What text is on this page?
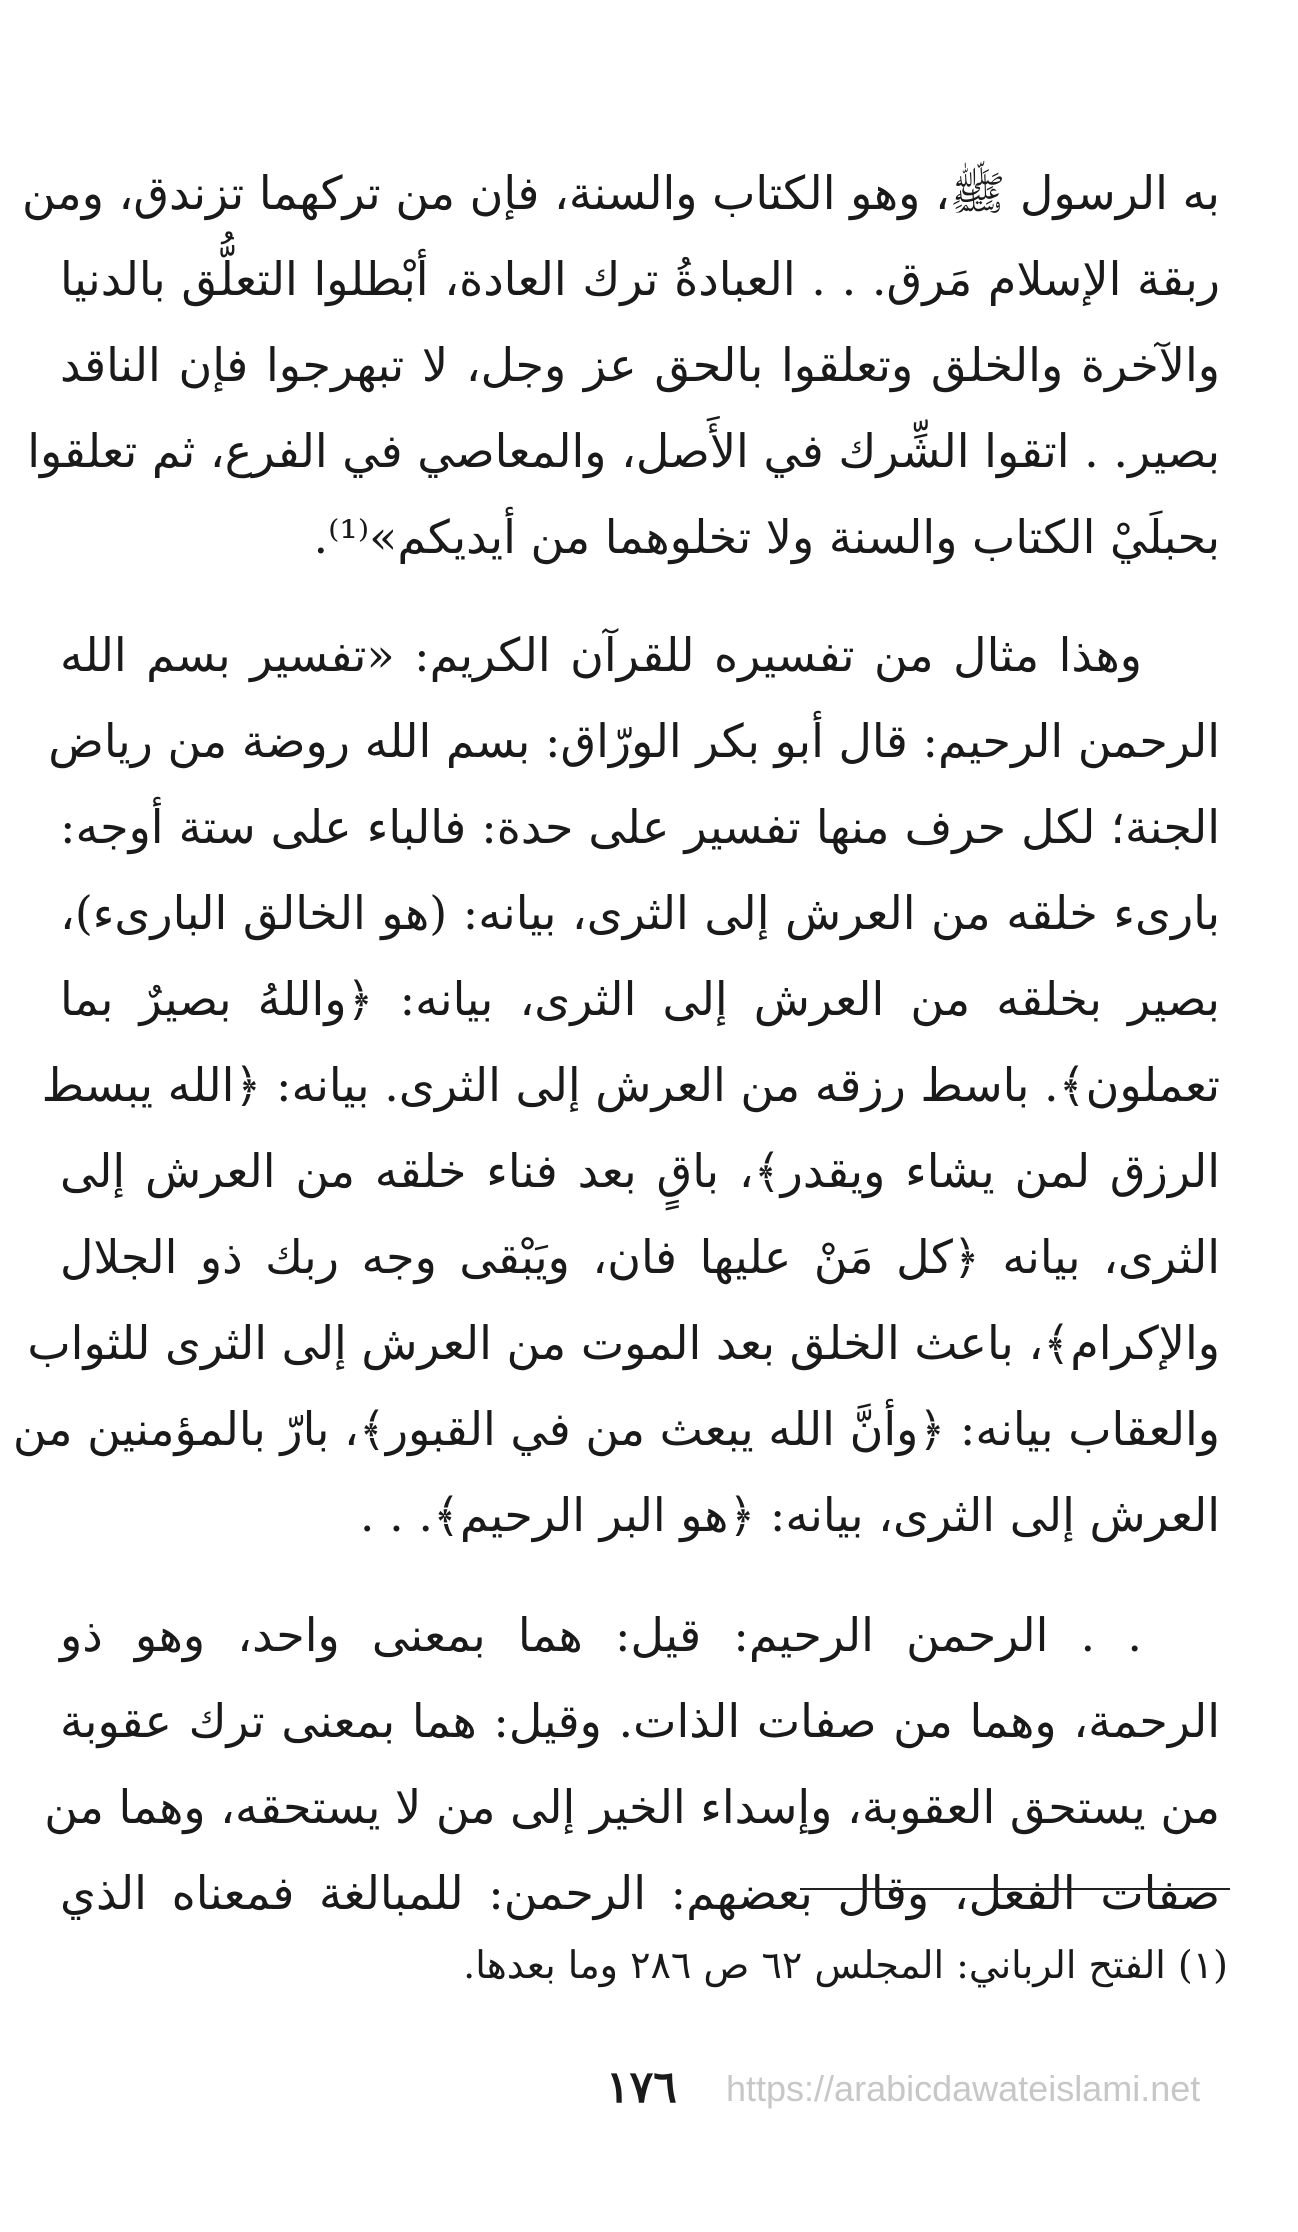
به الرسول ﷺ، وهو الكتاب والسنة، فإن من تركهما تزندق، ومن
ربقة الإسلام مَرق. . . العبادةُ ترك العادة، أبْطلوا التعلُّق بالدنيا
والآخرة والخلق وتعلقوا بالحق عز وجل، لا تبهرجوا فإن الناقد
بصير. . اتقوا الشِّرك في الأَصل، والمعاصي في الفرع، ثم تعلقوا
بحبلَيْ الكتاب والسنة ولا تخلوهما من أيديكم»⁽¹⁾.
وهذا مثال من تفسيره للقرآن الكريم: «تفسير بسم الله
الرحمن الرحيم: قال أبو بكر الورّاق: بسم الله روضة من رياض
الجنة؛ لكل حرف منها تفسير على حدة: فالباء على ستة أوجه:
بارىء خلقه من العرش إلى الثرى، بيانه: (هو الخالق البارىء)،
بصير بخلقه من العرش إلى الثرى، بيانه: ﴿واللهُ بصيرٌ بما
تعملون﴾. باسط رزقه من العرش إلى الثرى. بيانه: ﴿الله يبسط
الرزق لمن يشاء ويقدر﴾، باقٍ بعد فناء خلقه من العرش إلى
الثرى، بيانه ﴿كل مَنْ عليها فان، ويَبْقى وجه ربك ذو الجلال
والإكرام﴾، باعث الخلق بعد الموت من العرش إلى الثرى للثواب
والعقاب بيانه: ﴿وأنَّ الله يبعث من في القبور﴾، بارّ بالمؤمنين من
العرش إلى الثرى، بيانه: ﴿هو البر الرحيم﴾. . .
. . الرحمن الرحيم: قيل: هما بمعنى واحد، وهو ذو
الرحمة، وهما من صفات الذات. وقيل: هما بمعنى ترك عقوبة
من يستحق العقوبة، وإسداء الخير إلى من لا يستحقه، وهما من
صفات الفعل، وقال بعضهم: الرحمن: للمبالغة فمعناه الذي
(١) الفتح الرباني: المجلس ٦٢ ص ٢٨٦ وما بعدها.
١٧٦ https://arabicdawateislami.net
